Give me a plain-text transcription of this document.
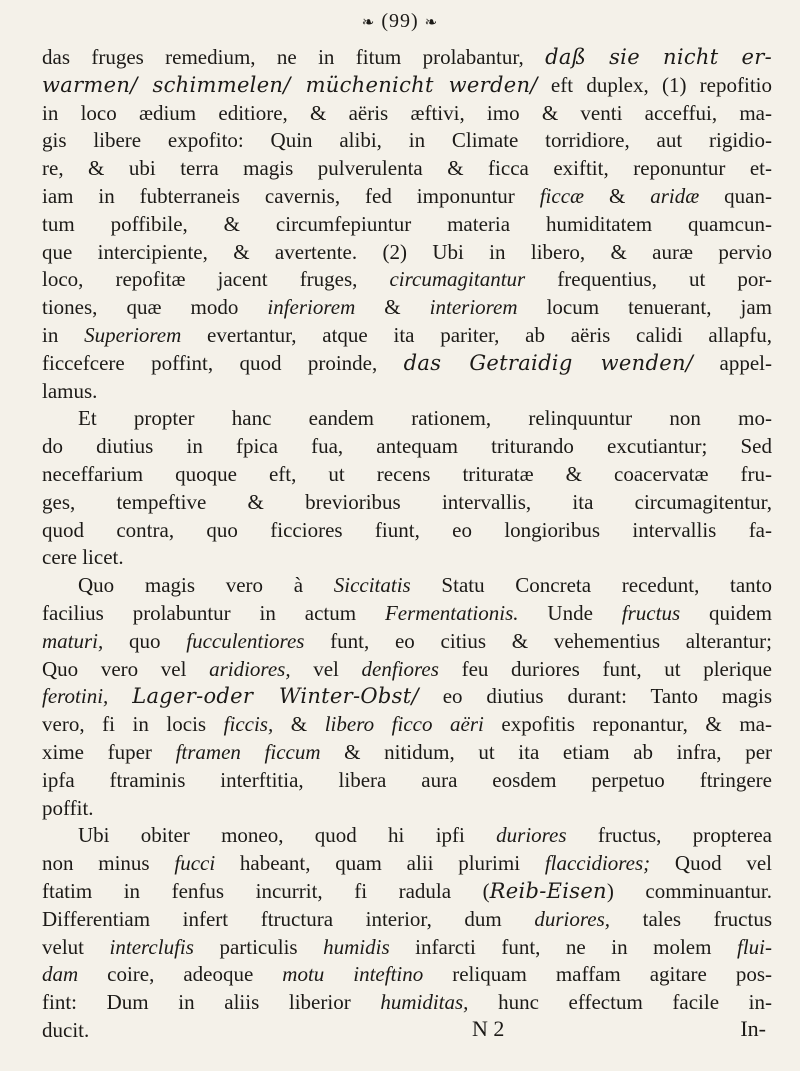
❧ (99) ❧
das fruges remedium, ne in fitum prolabantur, daß sie nicht er-
warmen/ schimmelen/ müchenicht werden/ eft duplex, (1) repofitio
in loco ædium editiore, & aëris æftivi, imo & venti acceffui, ma-
gis libere expofito: Quin alibi, in Climate torridiore, aut rigidio-
re, & ubi terra magis pulverulenta & ficca exiftit, reponuntur et-
iam in fubterraneis cavernis, fed imponuntur ficcæ & aridæ quan-
tum poffibile, & circumfepiuntur materia humiditatem quamcun-
que intercipiente, & avertente. (2) Ubi in libero, & auræ pervio
loco, repofitæ jacent fruges, circumagitantur frequentius, ut por-
tiones, quæ modo inferiorem & interiorem locum tenuerant, jam
in Superiorem evertantur, atque ita pariter, ab aëris calidi allapfu,
ficcefcere poffint, quod proinde, das Getraidig wenden/ appel-
lamus.
Et propter hanc eandem rationem, relinquuntur non mo-
do diutius in fpica fua, antequam triturando excutiantur; Sed
neceffarium quoque eft, ut recens trituratæ & coacervatæ fru-
ges, tempeftive & brevioribus intervallis, ita circumagitentur,
quod contra, quo ficciores fiunt, eo longioribus intervallis fa-
cere licet.
Quo magis vero à Siccitatis Statu Concreta recedunt, tanto
facilius prolabuntur in actum Fermentationis. Unde fructus quidem
maturi, quo fucculentiores funt, eo citius & vehementius alterantur;
Quo vero vel aridiores, vel denfiores feu duriores funt, ut plerique
ferotini, Lager-oder Winter-Obst/ eo diutius durant: Tanto magis
vero, fi in locis ficcis, & libero ficco aëri expofitis reponantur, & ma-
xime fuper ftramen ficcum & nitidum, ut ita etiam ab infra, per
ipfa ftraminis interftitia, libera aura eosdem perpetuo ftringere
poffit.
Ubi obiter moneo, quod hi ipfi duriores fructus, propterea
non minus fucci habeant, quam alii plurimi flaccidiores; Quod vel
ftatim in fenfus incurrit, fi radula (Reib-Eisen) comminuantur.
Differentiam infert ftructura interior, dum duriores, tales fructus
velut interclufis particulis humidis infarcti funt, ne in molem flui-
dam coire, adeoque motu inteftino reliquam maffam agitare pos-
fint: Dum in aliis liberior humiditas, hunc effectum facile in-
ducit.	N 2	In-
